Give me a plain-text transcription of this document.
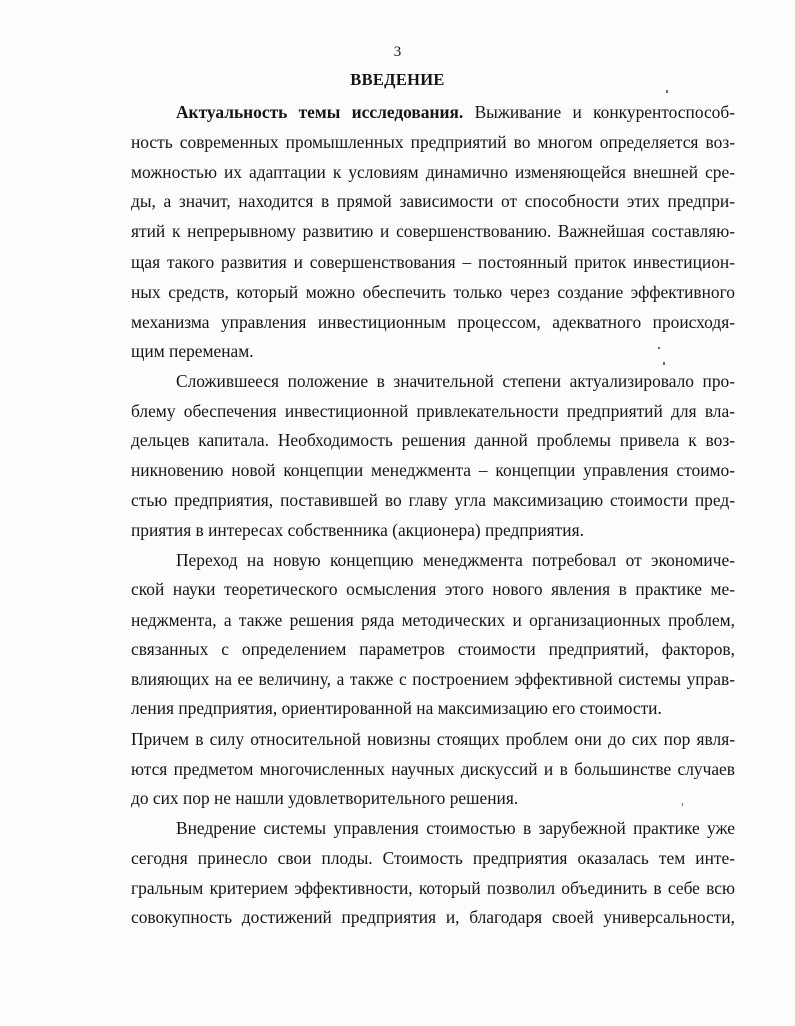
3
ВВЕДЕНИЕ
Актуальность темы исследования. Выживание и конкурентоспособ-
ность современных промышленных предприятий во многом определяется воз-
можностью их адаптации к условиям динамично изменяющейся внешней сре-
ды, а значит, находится в прямой зависимости от способности этих предпри-
ятий к непрерывному развитию и совершенствованию. Важнейшая составляю-
щая такого развития и совершенствования – постоянный приток инвестицион-
ных средств, который можно обеспечить только через создание эффективного
механизма управления инвестиционным процессом, адекватного происходя-
щим переменам.
Сложившееся положение в значительной степени актуализировало про-
блему обеспечения инвестиционной привлекательности предприятий для вла-
дельцев капитала. Необходимость решения данной проблемы привела к воз-
никновению новой концепции менеджмента – концепции управления стоимо-
стью предприятия, поставившей во главу угла максимизацию стоимости пред-
приятия в интересах собственника (акционера) предприятия.
Переход на новую концепцию менеджмента потребовал от экономиче-
ской науки теоретического осмысления этого нового явления в практике ме-
неджмента, а также решения ряда методических и организационных проблем,
связанных с определением параметров стоимости предприятий, факторов,
влияющих на ее величину, а также с построением эффективной системы управ-
ления предприятия, ориентированной на максимизацию его стоимости.
Причем в силу относительной новизны стоящих проблем они до сих пор явля-
ются предметом многочисленных научных дискуссий и в большинстве случаев
до сих пор не нашли удовлетворительного решения.
Внедрение системы управления стоимостью в зарубежной практике уже
сегодня принесло свои плоды. Стоимость предприятия оказалась тем инте-
гральным критерием эффективности, который позволил объединить в себе всю
совокупность достижений предприятия и, благодаря своей универсальности,
